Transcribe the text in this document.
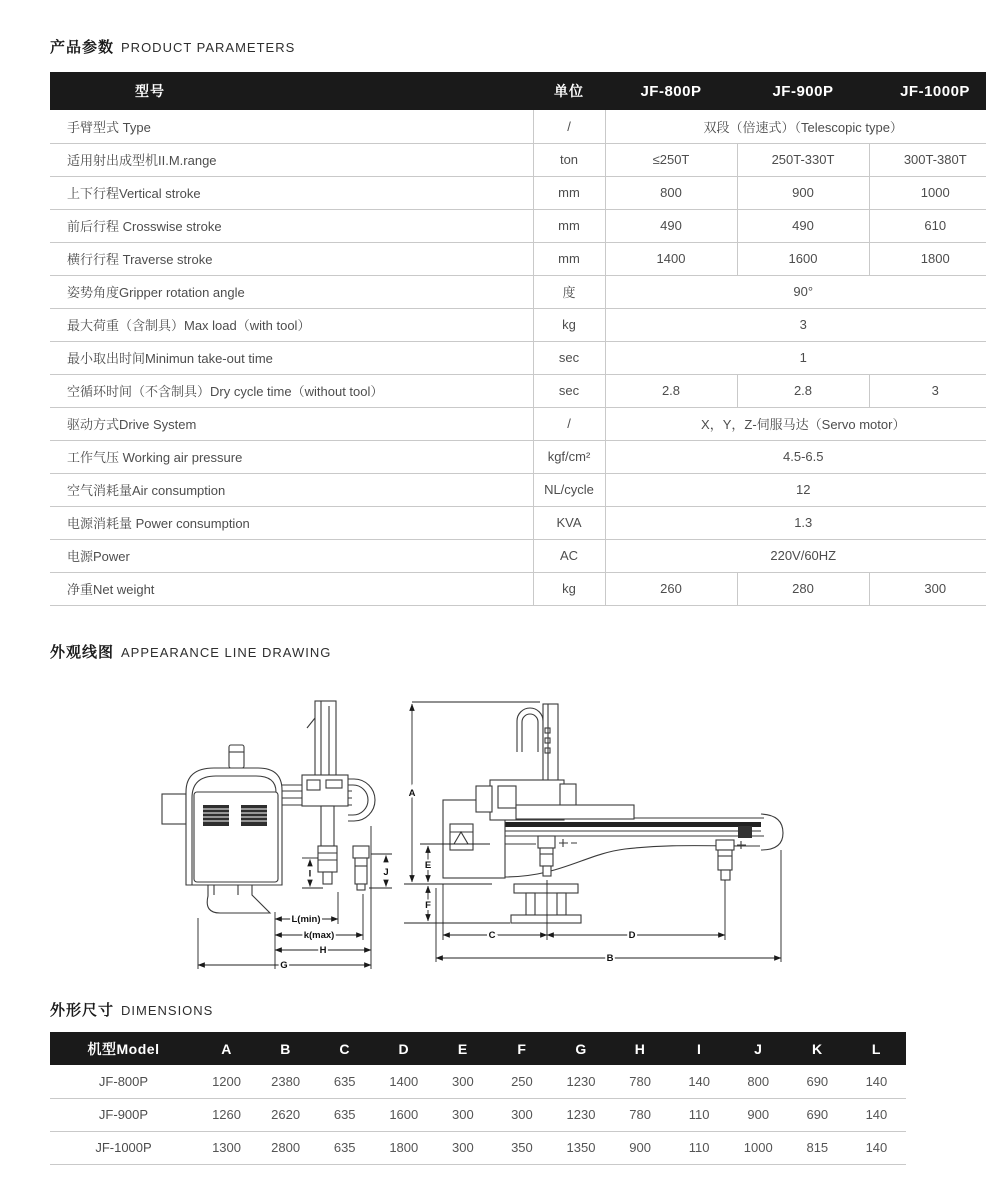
产品参数 PRODUCT PARAMETERS
型号	单位	JF-800P	JF-900P	JF-1000P
手臂型式 Type	/	双段（倍速式）（Telescopic type）		
适用射出成型机II.M.range	ton	≤250T	250T-330T	300T-380T
上下行程Vertical stroke	mm	800	900	1000
前后行程 Crosswise stroke	mm	490	490	610
横行行程 Traverse stroke	mm	1400	1600	1800
姿势角度Gripper rotation angle	度	90°		
最大荷重（含制具）Max load（with tool）	kg	3		
最小取出时间Minimun take-out time	sec	1		
空循环时间（不含制具）Dry cycle time（without tool）	sec	2.8	2.8	3
驱动方式Drive System	/	X，Y，Z-伺服马达（Servo motor）		
工作气压 Working air pressure	kgf/cm²	4.5-6.5		
空气消耗量Air consumption	NL/cycle	12		
电源消耗量 Power consumption	KVA	1.3		
电源Power	AC	220V/60HZ		
净重Net weight	kg	260	280	300
外观线图 APPEARANCE LINE DRAWING
I	J
L(min)
k(max)
H
G
A
E
F
C	D
B
外形尺寸 DIMENSIONS
机型Model	A	B	C	D	E	F	G	H	I	J	K	L
JF-800P	1200	2380	635	1400	300	250	1230	780	140	800	690	140
JF-900P	1260	2620	635	1600	300	300	1230	780	110	900	690	140
JF-1000P	1300	2800	635	1800	300	350	1350	900	110	1000	815	140
